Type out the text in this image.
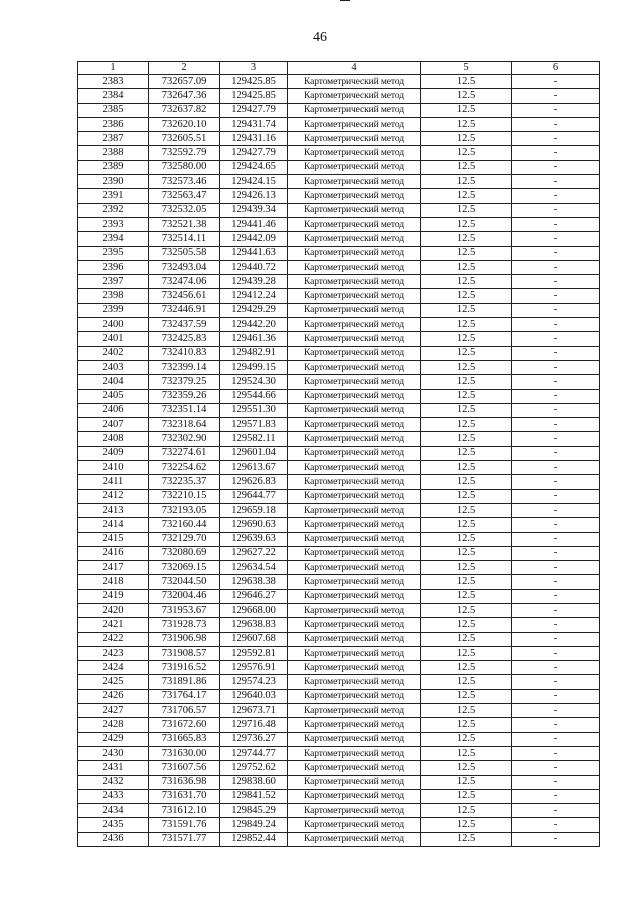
46
1	2	3	4	5	6
2383	732657.09	129425.85	Картометрический метод	12.5	-
2384	732647.36	129425.85	Картометрический метод	12.5	-
2385	732637.82	129427.79	Картометрический метод	12.5	-
2386	732620.10	129431.74	Картометрический метод	12.5	-
2387	732605.51	129431.16	Картометрический метод	12.5	-
2388	732592.79	129427.79	Картометрический метод	12.5	-
2389	732580.00	129424.65	Картометрический метод	12.5	-
2390	732573.46	129424.15	Картометрический метод	12.5	-
2391	732563.47	129426.13	Картометрический метод	12.5	-
2392	732532.05	129439.34	Картометрический метод	12.5	-
2393	732521.38	129441.46	Картометрический метод	12.5	-
2394	732514.11	129442.09	Картометрический метод	12.5	-
2395	732505.58	129441.63	Картометрический метод	12.5	-
2396	732493.04	129440.72	Картометрический метод	12.5	-
2397	732474.06	129439.28	Картометрический метод	12.5	-
2398	732456.61	129412.24	Картометрический метод	12.5	-
2399	732446.91	129429.29	Картометрический метод	12.5	-
2400	732437.59	129442.20	Картометрический метод	12.5	-
2401	732425.83	129461.36	Картометрический метод	12.5	-
2402	732410.83	129482.91	Картометрический метод	12.5	-
2403	732399.14	129499.15	Картометрический метод	12.5	-
2404	732379.25	129524.30	Картометрический метод	12.5	-
2405	732359.26	129544.66	Картометрический метод	12.5	-
2406	732351.14	129551.30	Картометрический метод	12.5	-
2407	732318.64	129571.83	Картометрический метод	12.5	-
2408	732302.90	129582.11	Картометрический метод	12.5	-
2409	732274.61	129601.04	Картометрический метод	12.5	-
2410	732254.62	129613.67	Картометрический метод	12.5	-
2411	732235.37	129626.83	Картометрический метод	12.5	-
2412	732210.15	129644.77	Картометрический метод	12.5	-
2413	732193.05	129659.18	Картометрический метод	12.5	-
2414	732160.44	129690.63	Картометрический метод	12.5	-
2415	732129.70	129639.63	Картометрический метод	12.5	-
2416	732080.69	129627.22	Картометрический метод	12.5	-
2417	732069.15	129634.54	Картометрический метод	12.5	-
2418	732044.50	129638.38	Картометрический метод	12.5	-
2419	732004.46	129646.27	Картометрический метод	12.5	-
2420	731953.67	129668.00	Картометрический метод	12.5	-
2421	731928.73	129638.83	Картометрический метод	12.5	-
2422	731906.98	129607.68	Картометрический метод	12.5	-
2423	731908.57	129592.81	Картометрический метод	12.5	-
2424	731916.52	129576.91	Картометрический метод	12.5	-
2425	731891.86	129574.23	Картометрический метод	12.5	-
2426	731764.17	129640.03	Картометрический метод	12.5	-
2427	731706.57	129673.71	Картометрический метод	12.5	-
2428	731672.60	129716.48	Картометрический метод	12.5	-
2429	731665.83	129736.27	Картометрический метод	12.5	-
2430	731630.00	129744.77	Картометрический метод	12.5	-
2431	731607.56	129752.62	Картометрический метод	12.5	-
2432	731636.98	129838.60	Картометрический метод	12.5	-
2433	731631.70	129841.52	Картометрический метод	12.5	-
2434	731612.10	129845.29	Картометрический метод	12.5	-
2435	731591.76	129849.24	Картометрический метод	12.5	-
2436	731571.77	129852.44	Картометрический метод	12.5	-
